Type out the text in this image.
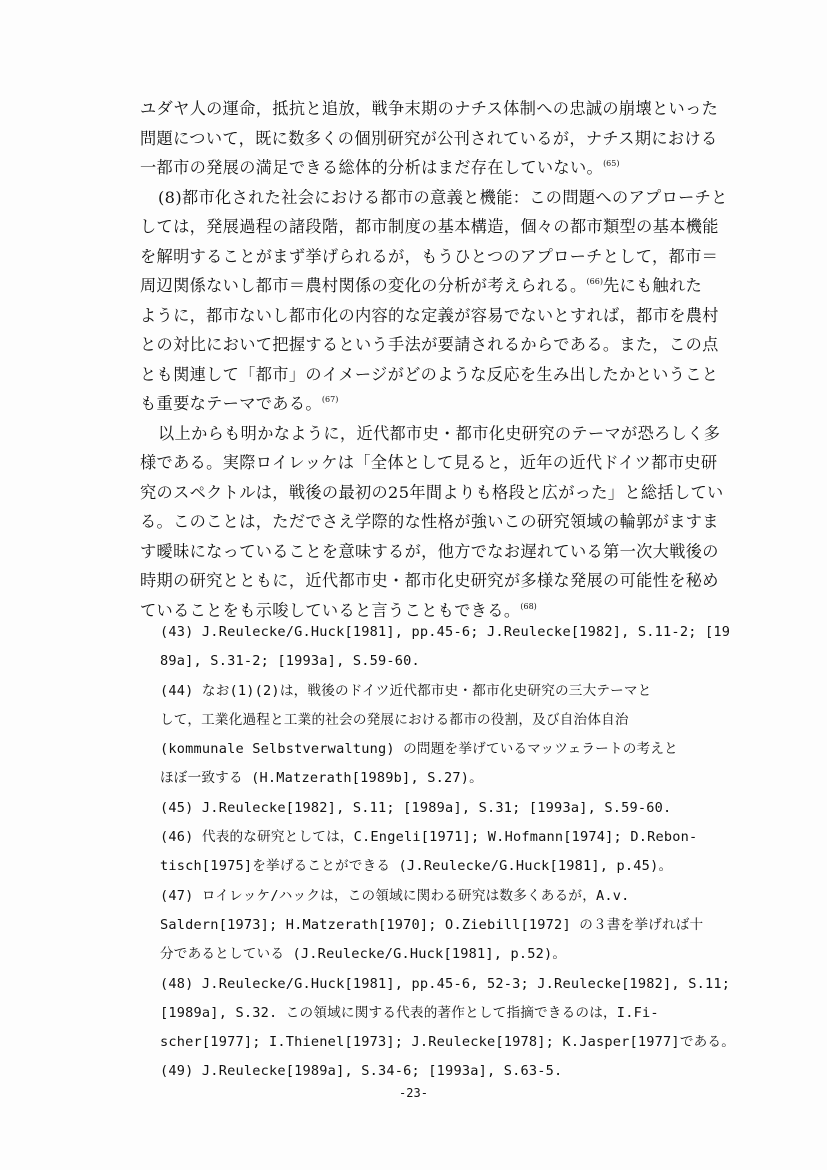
ユダヤ人の運命，抵抗と追放，戦争末期のナチス体制への忠誠の崩壊といった
問題について，既に数多くの個別研究が公刊されているが，ナチス期における
一都市の発展の満足できる総体的分析はまだ存在していない。$^{(65)}$
(8)都市化された社会における都市の意義と機能：この問題へのアプローチと
しては，発展過程の諸段階，都市制度の基本構造，個々の都市類型の基本機能
を解明することがまず挙げられるが，もうひとつのアプローチとして，都市＝
周辺関係ないし都市＝農村関係の変化の分析が考えられる。$^{(66)}$先にも触れた
ように，都市ないし都市化の内容的な定義が容易でないとすれば，都市を農村
との対比において把握するという手法が要請されるからである。また，この点
とも関連して「都市」のイメージがどのような反応を生み出したかということ
も重要なテーマである。$^{(67)}$
以上からも明かなように，近代都市史・都市化史研究のテーマが恐ろしく多
様である。実際ロイレッケは「全体として見ると，近年の近代ドイツ都市史研
究のスペクトルは，戦後の最初の25年間よりも格段と広がった」と総括してい
る。このことは，ただでさえ学際的な性格が強いこの研究領域の輪郭がますま
す曖昧になっていることを意味するが，他方でなお遅れている第一次大戦後の
時期の研究とともに，近代都市史・都市化史研究が多様な発展の可能性を秘め
ていることをも示唆していると言うこともできる。$^{(68)}$
(43) J.Reulecke/G.Huck[1981], pp.45-6; J.Reulecke[1982], S.11-2; [19
89a], S.31-2; [1993a], S.59-60.
(44) なお(1)(2)は，戦後のドイツ近代都市史・都市化史研究の三大テーマと
して，工業化過程と工業的社会の発展における都市の役割，及び自治体自治
(kommunale Selbstverwaltung) の問題を挙げているマッツェラートの考えと
ほぼ一致する (H.Matzerath[1989b], S.27)。
(45) J.Reulecke[1982], S.11; [1989a], S.31; [1993a], S.59-60.
(46) 代表的な研究としては，C.Engeli[1971]; W.Hofmann[1974]; D.Rebon-
tisch[1975]を挙げることができる (J.Reulecke/G.Huck[1981], p.45)。
(47) ロイレッケ/ハックは，この領域に関わる研究は数多くあるが，A.v.
Saldern[1973]; H.Matzerath[1970]; O.Ziebill[1972] の３書を挙げれば十
分であるとしている (J.Reulecke/G.Huck[1981], p.52)。
(48) J.Reulecke/G.Huck[1981], pp.45-6, 52-3; J.Reulecke[1982], S.11;
[1989a], S.32. この領域に関する代表的著作として指摘できるのは，I.Fi-
scher[1977]; I.Thienel[1973]; J.Reulecke[1978]; K.Jasper[1977]である。
(49) J.Reulecke[1989a], S.34-6; [1993a], S.63-5.
-23-
